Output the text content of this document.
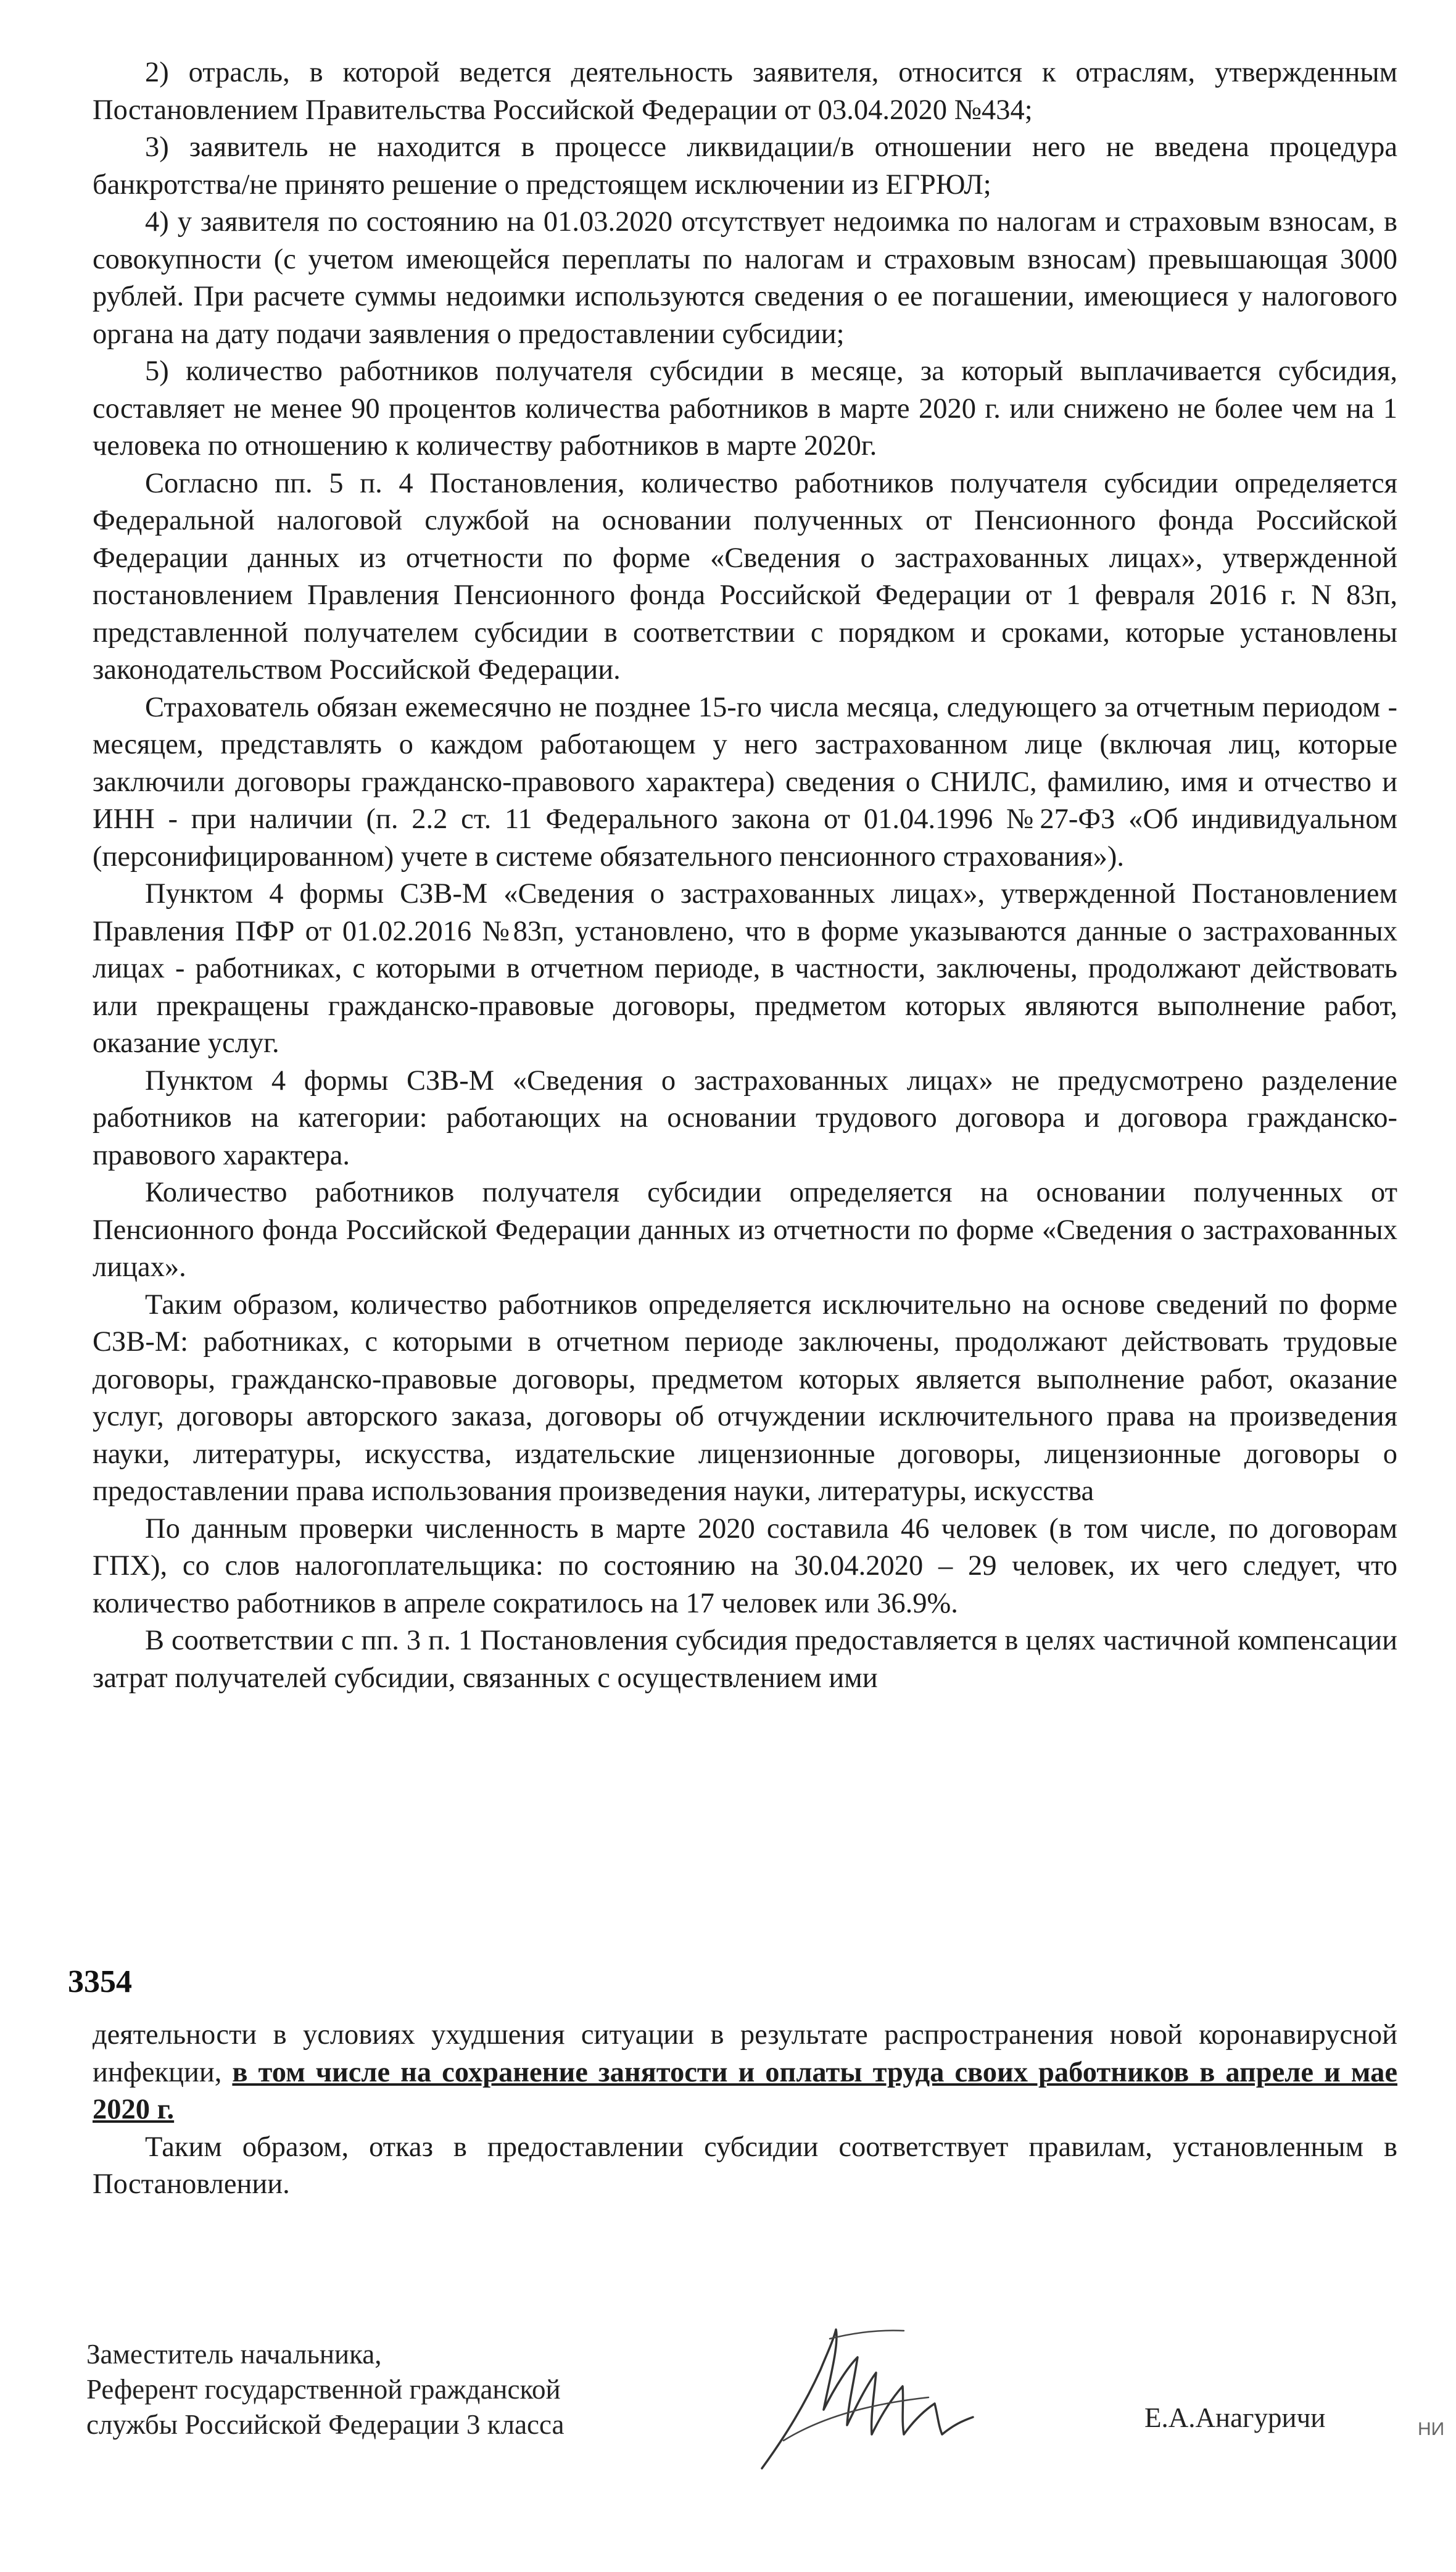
2) отрасль, в которой ведется деятельность заявителя, относится к отраслям, утвержденным Постановлением Правительства Российской Федерации от 03.04.2020 №434;

3) заявитель не находится в процессе ликвидации/в отношении него не введена процедура банкротства/не принято решение о предстоящем исключении из ЕГРЮЛ;

4) у заявителя по состоянию на 01.03.2020 отсутствует недоимка по налогам и страховым взносам, в совокупности (с учетом имеющейся переплаты по налогам и страховым взносам) превышающая 3000 рублей. При расчете суммы недоимки используются сведения о ее погашении, имеющиеся у налогового органа на дату подачи заявления о предоставлении субсидии;

5) количество работников получателя субсидии в месяце, за который выплачивается субсидия, составляет не менее 90 процентов количества работников в марте 2020 г. или снижено не более чем на 1 человека по отношению к количеству работников в марте 2020г.

Согласно пп. 5 п. 4 Постановления, количество работников получателя субсидии определяется Федеральной налоговой службой на основании полученных от Пенсионного фонда Российской Федерации данных из отчетности по форме «Сведения о застрахованных лицах», утвержденной постановлением Правления Пенсионного фонда Российской Федерации от 1 февраля 2016 г. N 83п, представленной получателем субсидии в соответствии с порядком и сроками, которые установлены законодательством Российской Федерации.

Страхователь обязан ежемесячно не позднее 15-го числа месяца, следующего за отчетным периодом - месяцем, представлять о каждом работающем у него застрахованном лице (включая лиц, которые заключили договоры гражданско-правового характера) сведения о СНИЛС, фамилию, имя и отчество и ИНН - при наличии (п. 2.2 ст. 11 Федерального закона от 01.04.1996 №27-ФЗ «Об индивидуальном (персонифицированном) учете в системе обязательного пенсионного страхования»).

Пунктом 4 формы СЗВ-М «Сведения о застрахованных лицах», утвержденной Постановлением Правления ПФР от 01.02.2016 №83п, установлено, что в форме указываются данные о застрахованных лицах - работниках, с которыми в отчетном периоде, в частности, заключены, продолжают действовать или прекращены гражданско-правовые договоры, предметом которых являются выполнение работ, оказание услуг.

Пунктом 4 формы СЗВ-М «Сведения о застрахованных лицах» не предусмотрено разделение работников на категории: работающих на основании трудового договора и договора гражданско-правового характера.

Количество работников получателя субсидии определяется на основании полученных от Пенсионного фонда Российской Федерации данных из отчетности по форме «Сведения о застрахованных лицах».

Таким образом, количество работников определяется исключительно на основе сведений по форме СЗВ-М: работниках, с которыми в отчетном периоде заключены, продолжают действовать трудовые договоры, гражданско-правовые договоры, предметом которых является выполнение работ, оказание услуг, договоры авторского заказа, договоры об отчуждении исключительного права на произведения науки, литературы, искусства, издательские лицензионные договоры, лицензионные договоры о предоставлении права использования произведения науки, литературы, искусства

По данным проверки численность в марте 2020 составила 46 человек (в том числе, по договорам ГПХ), со слов налогоплательщика: по состоянию на 30.04.2020 – 29 человек, их чего следует, что количество работников в апреле сократилось на 17 человек или 36.9%.

В соответствии с пп. 3 п. 1 Постановления субсидия предоставляется в целях частичной компенсации затрат получателей субсидии, связанных с осуществлением ими

3354

деятельности в условиях ухудшения ситуации в результате распространения новой коронавирусной инфекции, в том числе на сохранение занятости и оплаты труда своих работников в апреле и мае 2020 г.

Таким образом, отказ в предоставлении субсидии соответствует правилам, установленным в Постановлении.

Заместитель начальника,
Референт государственной гражданской
службы Российской Федерации 3 класса	Е.А.Анагуричи	НИ
